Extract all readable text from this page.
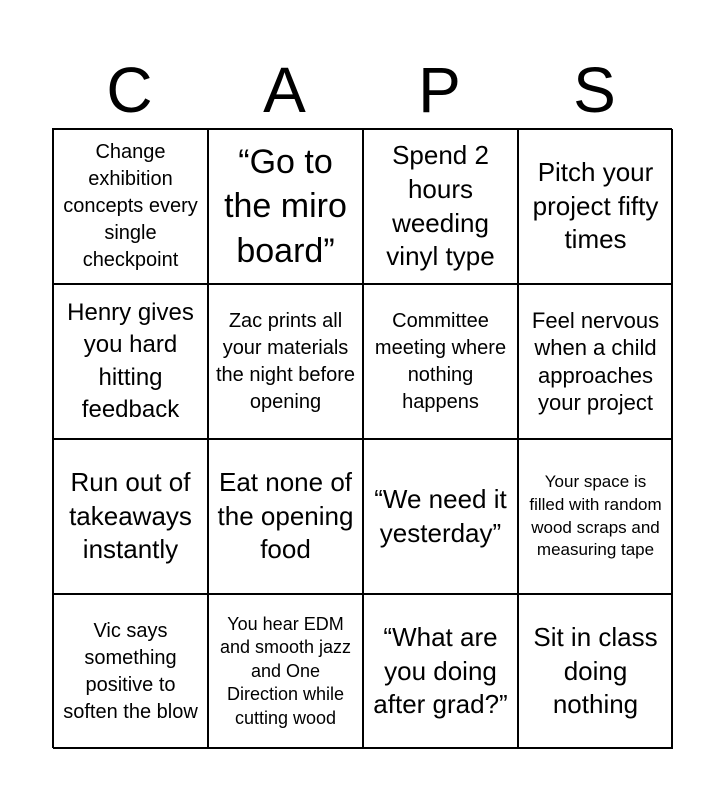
C	A	P	S
Change exhibition concepts every single checkpoint
“Go to the miro board”
Spend 2 hours weeding vinyl type
Pitch your project fifty times
Henry gives you hard hitting feedback
Zac prints all your materials the night before opening
Committee meeting where nothing happens
Feel nervous when a child approaches your project
Run out of takeaways instantly
Eat none of the opening food
“We need it yesterday”
Your space is filled with random wood scraps and measuring tape
Vic says something positive to soften the blow
You hear EDM and smooth jazz and One Direction while cutting wood
“What are you doing after grad?”
Sit in class doing nothing
